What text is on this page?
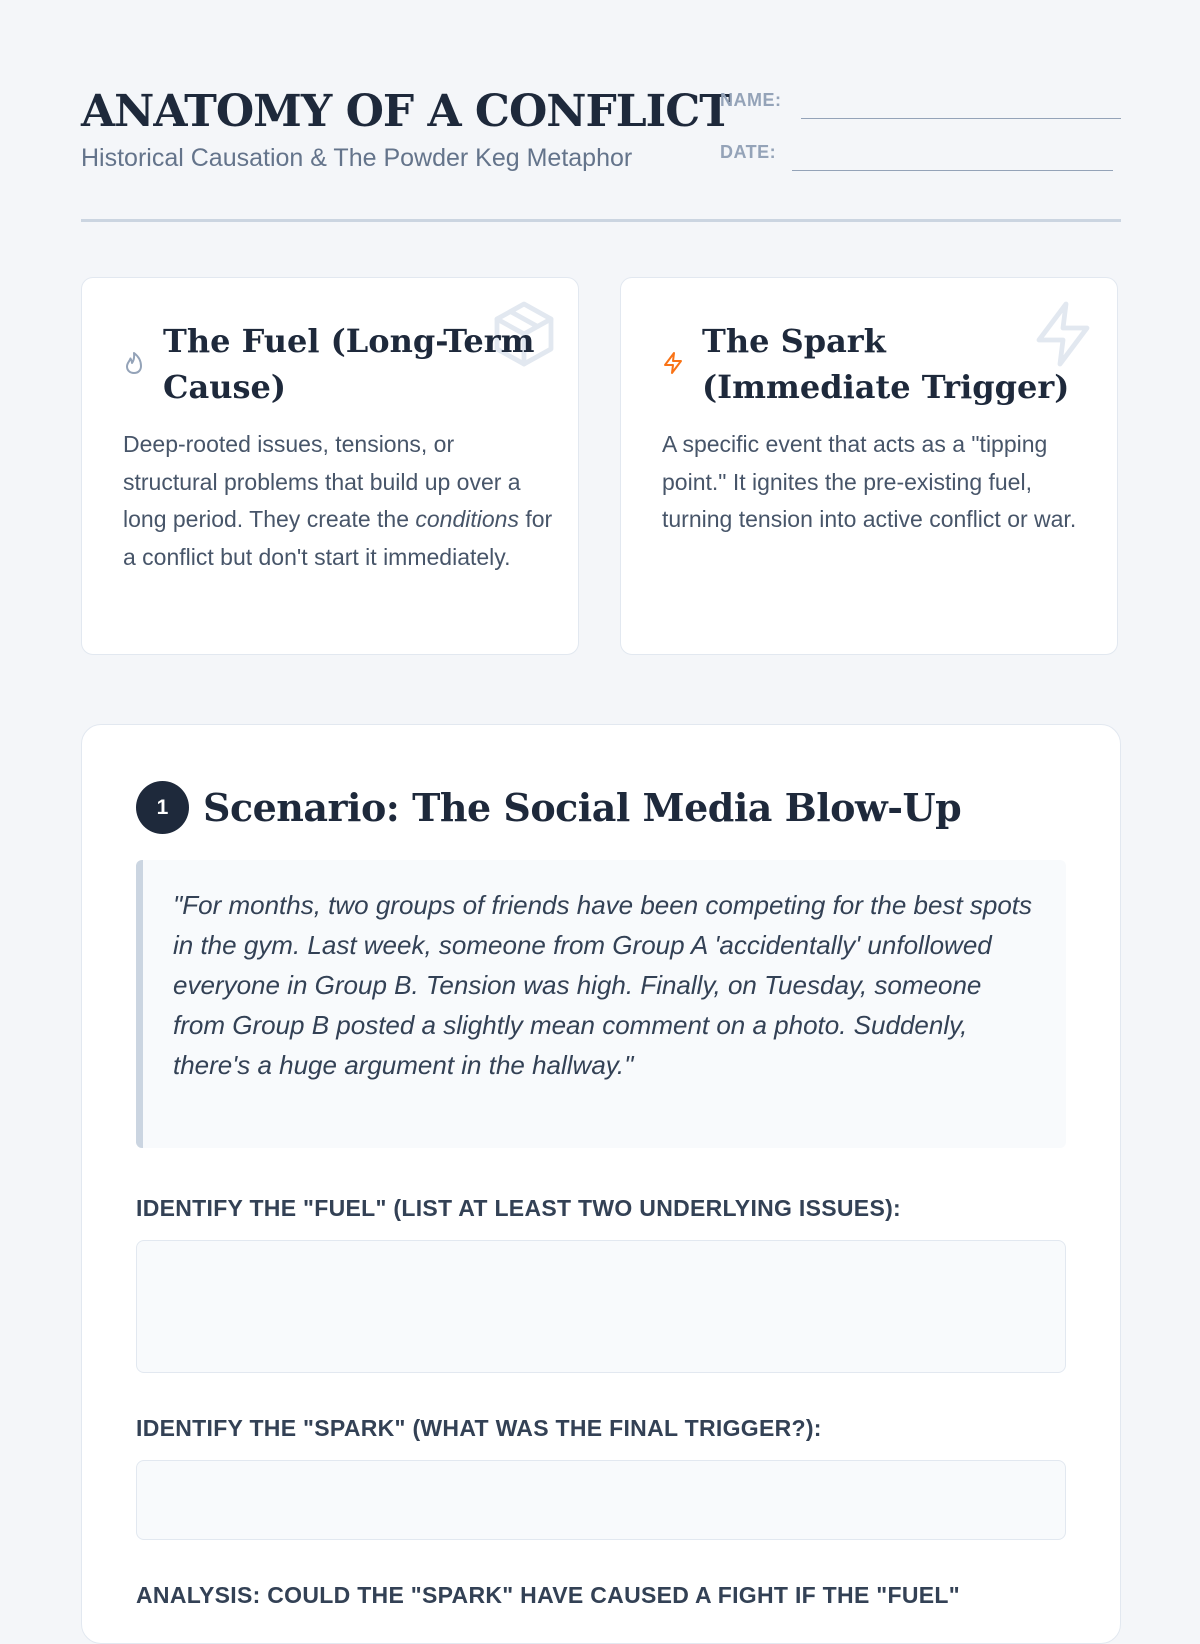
ANATOMY OF A CONFLICT
Historical Causation & The Powder Keg Metaphor
NAME:
DATE:
The Fuel (Long-Term Cause)
Deep-rooted issues, tensions, or structural problems that build up over a long period. They create the conditions for a conflict but don't start it immediately.
The Spark (Immediate Trigger)
A specific event that acts as a "tipping point." It ignites the pre-existing fuel, turning tension into active conflict or war.
1 Scenario: The Social Media Blow-Up
"For months, two groups of friends have been competing for the best spots in the gym. Last week, someone from Group A 'accidentally' unfollowed everyone in Group B. Tension was high. Finally, on Tuesday, someone from Group B posted a slightly mean comment on a photo. Suddenly, there's a huge argument in the hallway."
IDENTIFY THE "FUEL" (LIST AT LEAST TWO UNDERLYING ISSUES):
IDENTIFY THE "SPARK" (WHAT WAS THE FINAL TRIGGER?):
ANALYSIS: COULD THE "SPARK" HAVE CAUSED A FIGHT IF THE "FUEL"
